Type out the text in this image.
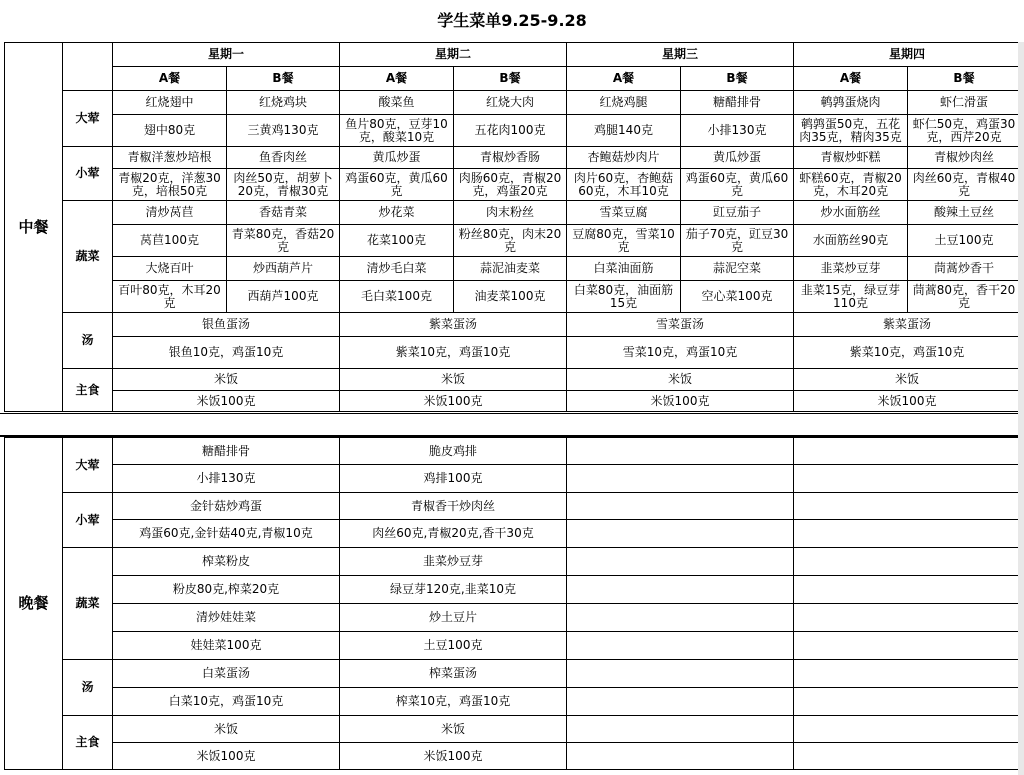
学生菜单9.25-9.28
中餐		星期一		星期二		星期三		星期四	
		A餐	B餐	A餐	B餐	A餐	B餐	A餐	B餐
	大荤	红烧翅中	红烧鸡块	酸菜鱼	红烧大肉	红烧鸡腿	糖醋排骨	鹌鹑蛋烧肉	虾仁滑蛋
		翅中80克	三黄鸡130克	鱼片80克，豆芽10克，酸菜10克	五花肉100克	鸡腿140克	小排130克	鹌鹑蛋50克，五花肉35克，精肉35克	虾仁50克，鸡蛋30克，西芹20克
	小荤	青椒洋葱炒培根	鱼香肉丝	黄瓜炒蛋	青椒炒香肠	杏鲍菇炒肉片	黄瓜炒蛋	青椒炒虾糕	青椒炒肉丝
		青椒20克，洋葱30克，培根50克	肉丝50克，胡萝卜20克，青椒30克	鸡蛋60克，黄瓜60克	肉肠60克，青椒20克，鸡蛋20克	肉片60克，杏鲍菇60克，木耳10克	鸡蛋60克，黄瓜60克	虾糕60克，青椒20克，木耳20克	肉丝60克，青椒40克
	蔬菜	清炒莴苣	香菇青菜	炒花菜	肉末粉丝	雪菜豆腐	豇豆茄子	炒水面筋丝	酸辣土豆丝
		莴苣100克	青菜80克，香菇20克	花菜100克	粉丝80克，肉末20克	豆腐80克，雪菜10克	茄子70克，豇豆30克	水面筋丝90克	土豆100克
		大烧百叶	炒西葫芦片	清炒毛白菜	蒜泥油麦菜	白菜油面筋	蒜泥空菜	韭菜炒豆芽	茼蒿炒香干
		百叶80克，木耳20克	西葫芦100克	毛白菜100克	油麦菜100克	白菜80克，油面筋15克	空心菜100克	韭菜15克，绿豆芽110克	茼蒿80克，香干20克
	汤	银鱼蛋汤		紫菜蛋汤		雪菜蛋汤		紫菜蛋汤	
		银鱼10克，鸡蛋10克		紫菜10克，鸡蛋10克		雪菜10克，鸡蛋10克		紫菜10克，鸡蛋10克	
	主食	米饭		米饭		米饭		米饭	
		米饭100克		米饭100克		米饭100克		米饭100克	
晚餐	大荤	糖醋排骨	脆皮鸡排		
		小排130克	鸡排100克		
	小荤	金针菇炒鸡蛋	青椒香干炒肉丝		
		鸡蛋60克,金针菇40克,青椒10克	肉丝60克,青椒20克,香干30克		
	蔬菜	榨菜粉皮	韭菜炒豆芽		
		粉皮80克,榨菜20克	绿豆芽120克,韭菜10克		
		清炒娃娃菜	炒土豆片		
		娃娃菜100克	土豆100克		
	汤	白菜蛋汤	榨菜蛋汤		
		白菜10克，鸡蛋10克	榨菜10克，鸡蛋10克		
	主食	米饭	米饭		
		米饭100克	米饭100克		
